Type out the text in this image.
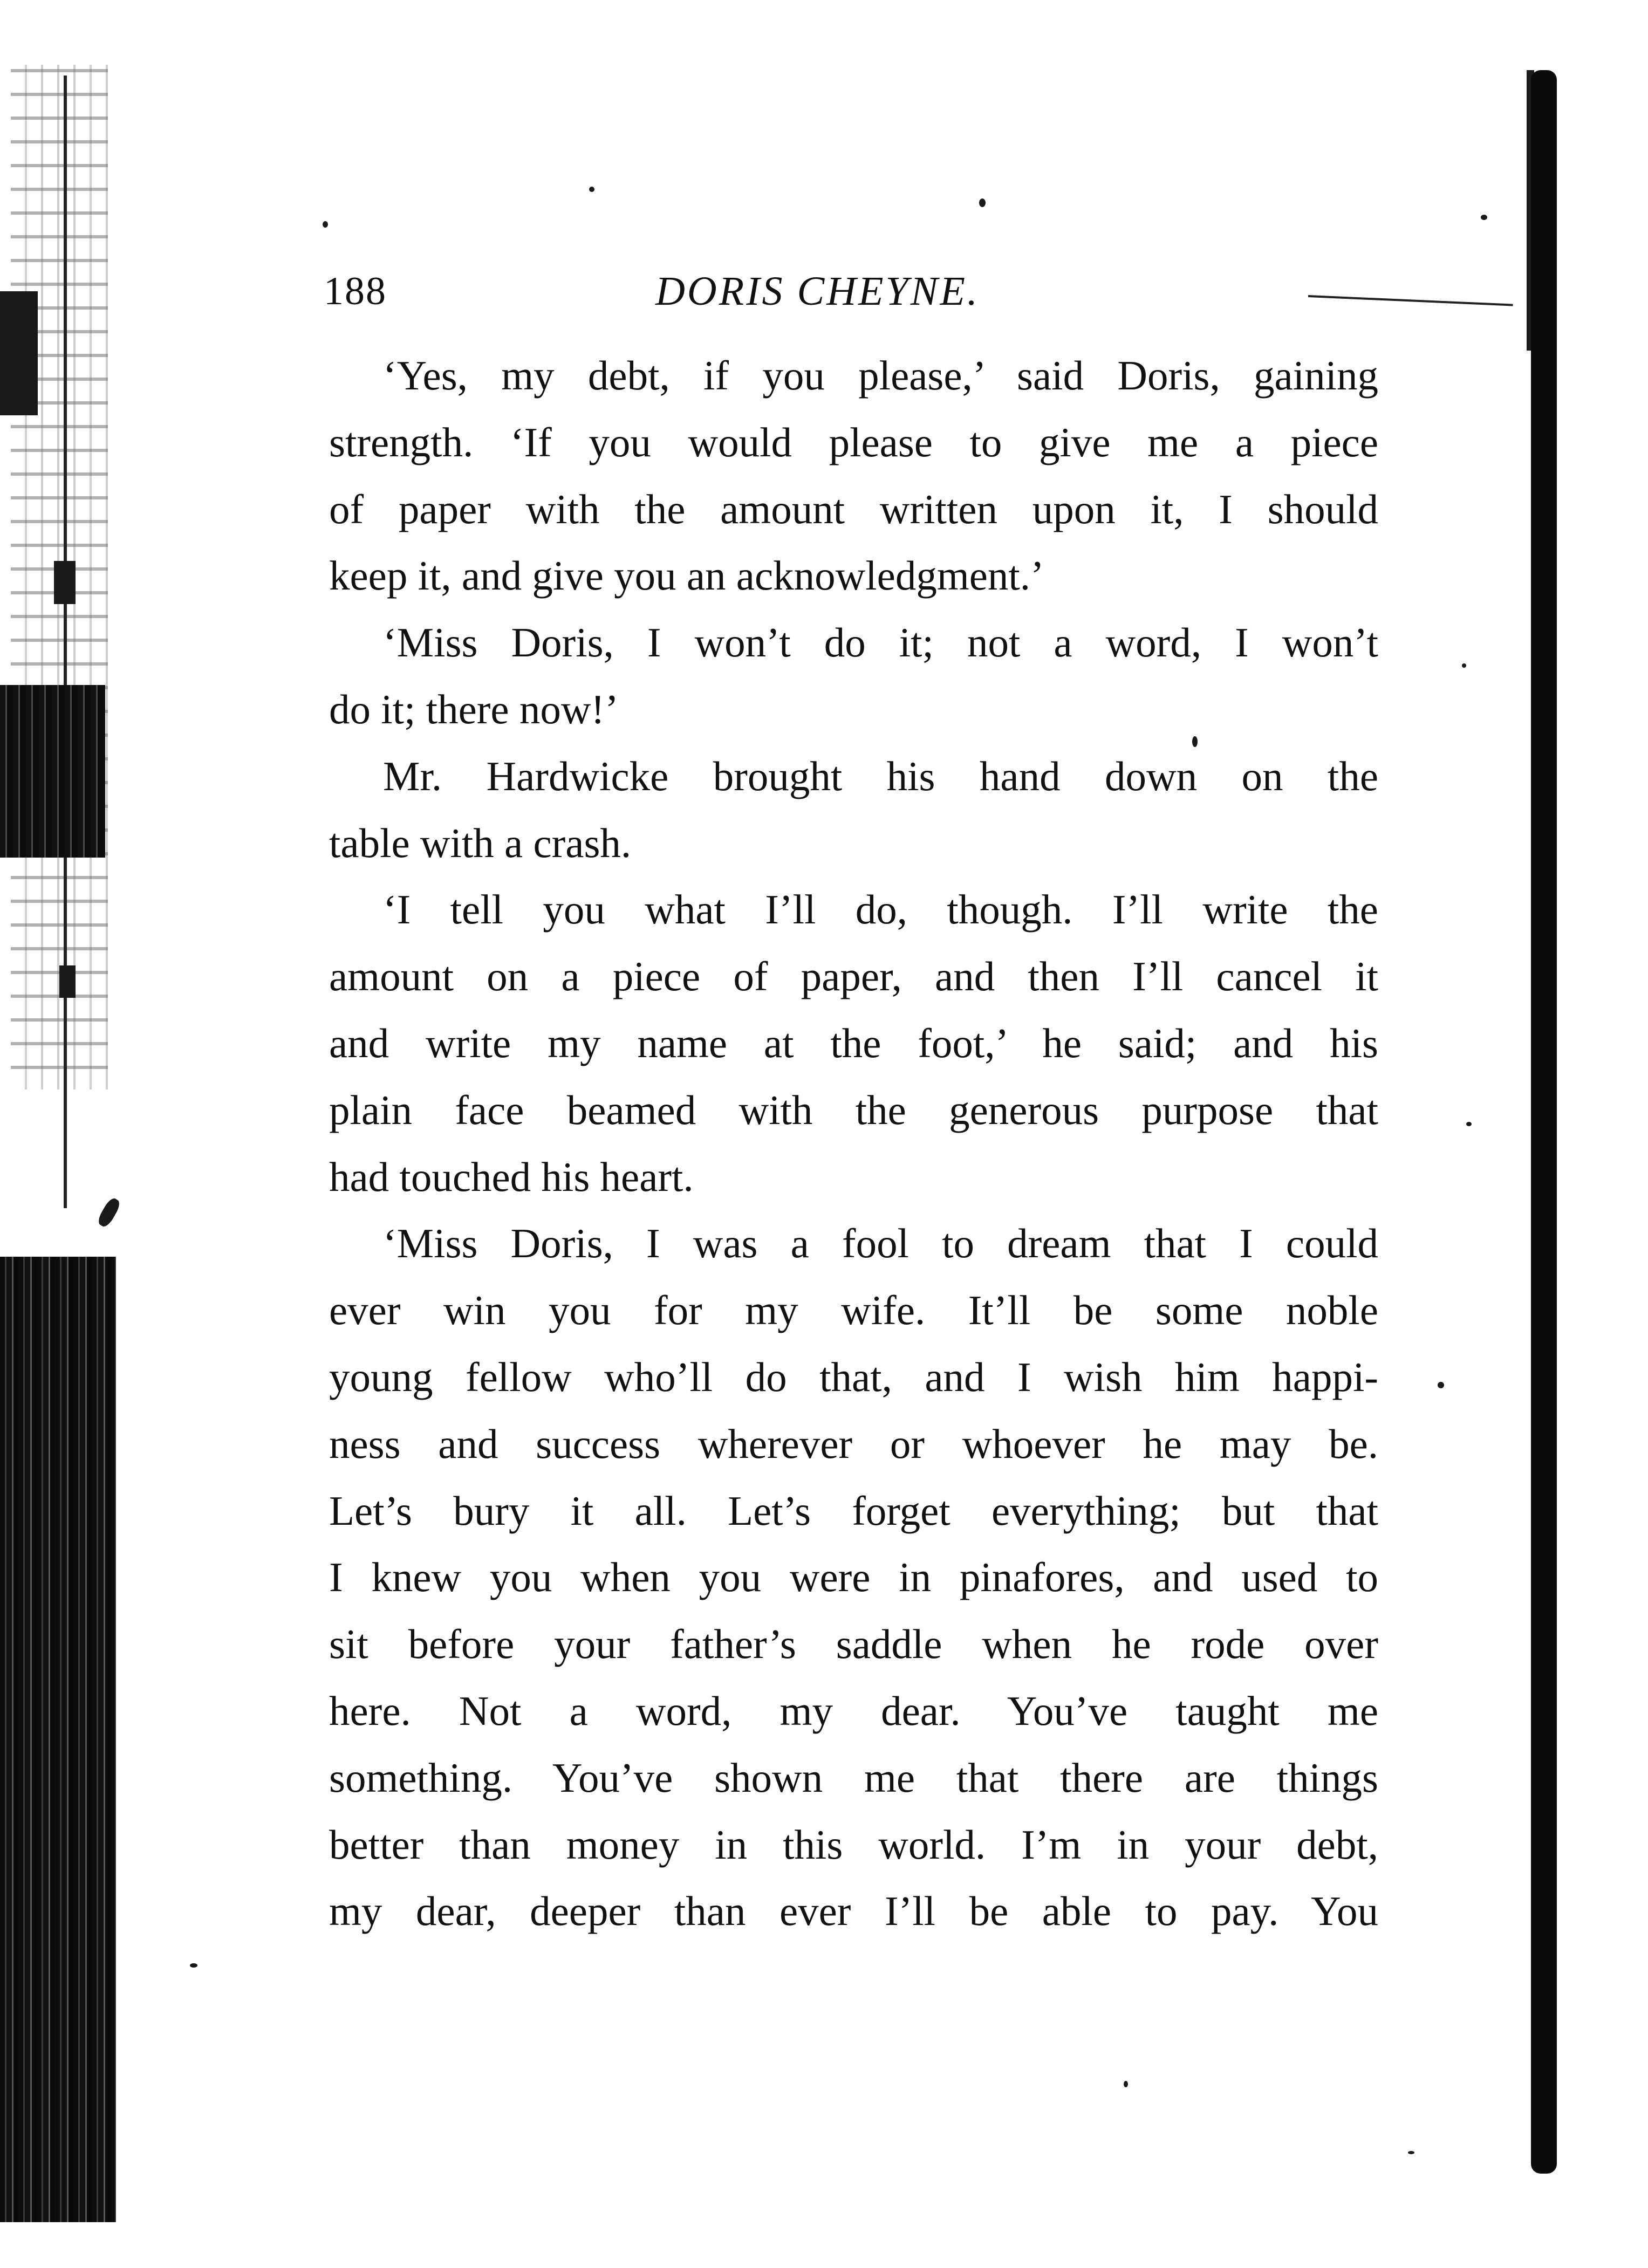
188	DORIS CHEYNE.
‘Yes, my debt, if you please,’ said Doris, gaining
strength. ‘If you would please to give me a piece
of paper with the amount written upon it, I should
keep it, and give you an acknowledgment.’
‘Miss Doris, I won’t do it; not a word, I won’t
do it; there now!’
Mr. Hardwicke brought his hand down on the
table with a crash.
‘I tell you what I’ll do, though. I’ll write the
amount on a piece of paper, and then I’ll cancel it
and write my name at the foot,’ he said; and his
plain face beamed with the generous purpose that
had touched his heart.
‘Miss Doris, I was a fool to dream that I could
ever win you for my wife. It’ll be some noble
young fellow who’ll do that, and I wish him happi-
ness and success wherever or whoever he may be.
Let’s bury it all. Let’s forget everything; but that
I knew you when you were in pinafores, and used to
sit before your father’s saddle when he rode over
here. Not a word, my dear. You’ve taught me
something. You’ve shown me that there are things
better than money in this world. I’m in your debt,
my dear, deeper than ever I’ll be able to pay. You
